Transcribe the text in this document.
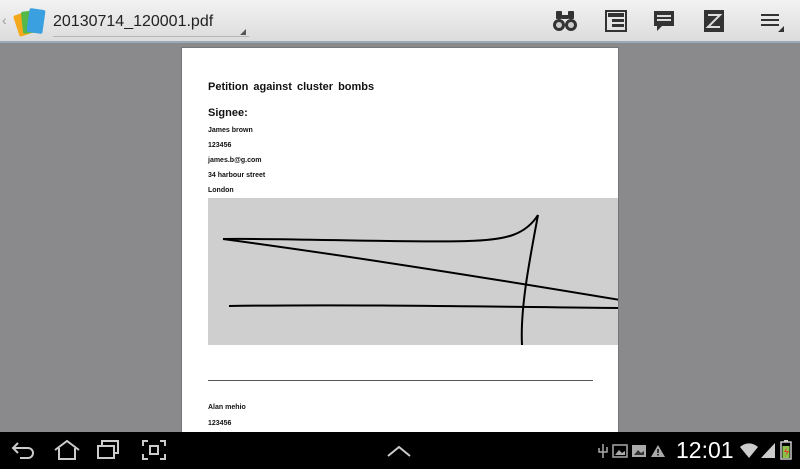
‹	20130714_120001.pdf
Petition against cluster bombs
Signee:
James brown
123456
james.b@g.com
34 harbour street
London
Alan mehio
123456
12:01
